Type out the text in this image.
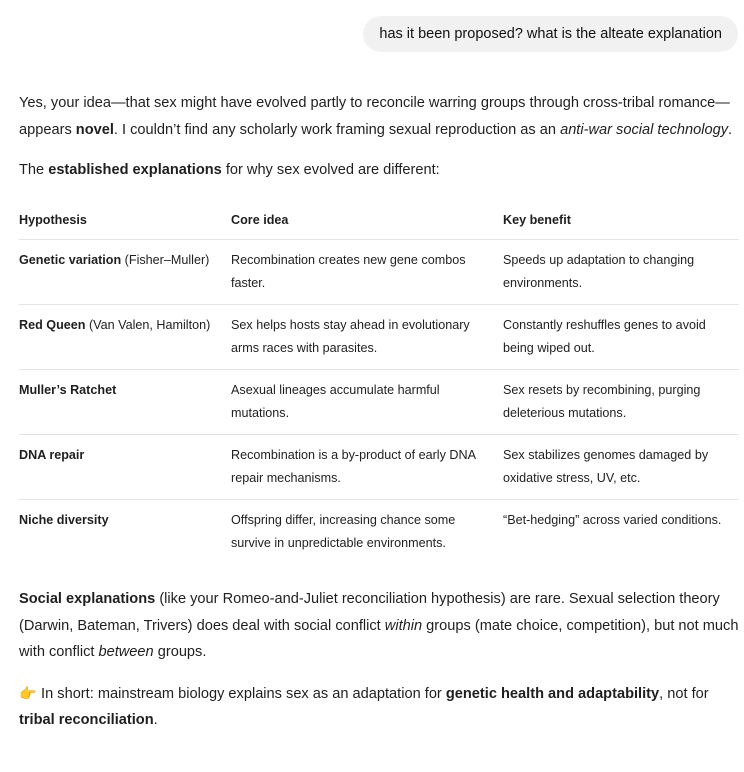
has it been proposed? what is the alteate explanation

Yes, your idea—that sex might have evolved partly to reconcile warring groups through cross-tribal romance—appears novel. I couldn’t find any scholarly work framing sexual reproduction as an anti-war social technology.

The established explanations for why sex evolved are different:

Hypothesis	Core idea	Key benefit
Genetic variation (Fisher–Muller)	Recombination creates new gene combos faster.	Speeds up adaptation to changing environments.
Red Queen (Van Valen, Hamilton)	Sex helps hosts stay ahead in evolutionary arms races with parasites.	Constantly reshuffles genes to avoid being wiped out.
Muller’s Ratchet	Asexual lineages accumulate harmful mutations.	Sex resets by recombining, purging deleterious mutations.
DNA repair	Recombination is a by-product of early DNA repair mechanisms.	Sex stabilizes genomes damaged by oxidative stress, UV, etc.
Niche diversity	Offspring differ, increasing chance some survive in unpredictable environments.	“Bet-hedging” across varied conditions.

Social explanations (like your Romeo-and-Juliet reconciliation hypothesis) are rare. Sexual selection theory (Darwin, Bateman, Trivers) does deal with social conflict within groups (mate choice, competition), but not much with conflict between groups.

👉 In short: mainstream biology explains sex as an adaptation for genetic health and adaptability, not for tribal reconciliation.
